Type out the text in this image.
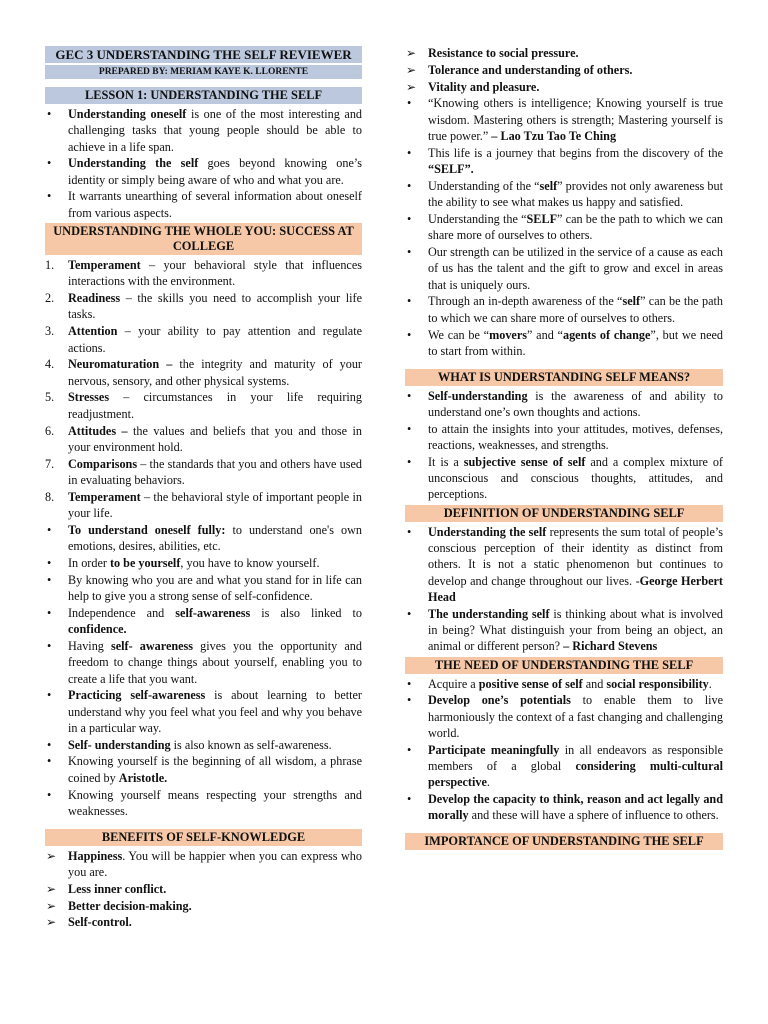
GEC 3 UNDERSTANDING THE SELF REVIEWER
PREPARED BY: MERIAM KAYE K. LLORENTE
LESSON 1: UNDERSTANDING THE SELF
• Understanding oneself is one of the most interesting and challenging tasks that young people should be able to achieve in a life span.
• Understanding the self goes beyond knowing one’s identity or simply being aware of who and what you are.
• It warrants unearthing of several information about oneself from various aspects.
UNDERSTANDING THE WHOLE YOU: SUCCESS AT COLLEGE
1. Temperament – your behavioral style that influences interactions with the environment.
2. Readiness – the skills you need to accomplish your life tasks.
3. Attention – your ability to pay attention and regulate actions.
4. Neuromaturation – the integrity and maturity of your nervous, sensory, and other physical systems.
5. Stresses – circumstances in your life requiring readjustment.
6. Attitudes – the values and beliefs that you and those in your environment hold.
7. Comparisons – the standards that you and others have used in evaluating behaviors.
8. Temperament – the behavioral style of important people in your life.
• To understand oneself fully: to understand one's own emotions, desires, abilities, etc.
• In order to be yourself, you have to know yourself.
• By knowing who you are and what you stand for in life can help to give you a strong sense of self-confidence.
• Independence and self-awareness is also linked to confidence.
• Having self- awareness gives you the opportunity and freedom to change things about yourself, enabling you to create a life that you want.
• Practicing self-awareness is about learning to better understand why you feel what you feel and why you behave in a particular way.
• Self- understanding is also known as self-awareness.
• Knowing yourself is the beginning of all wisdom, a phrase coined by Aristotle.
• Knowing yourself means respecting your strengths and weaknesses.
BENEFITS OF SELF-KNOWLEDGE
➢ Happiness. You will be happier when you can express who you are.
➢ Less inner conflict.
➢ Better decision-making.
➢ Self-control.
➢ Resistance to social pressure.
➢ Tolerance and understanding of others.
➢ Vitality and pleasure.
• “Knowing others is intelligence; Knowing yourself is true wisdom. Mastering others is strength; Mastering yourself is true power.” – Lao Tzu Tao Te Ching
• This life is a journey that begins from the discovery of the “SELF”.
• Understanding of the “self” provides not only awareness but the ability to see what makes us happy and satisfied.
• Understanding the “SELF” can be the path to which we can share more of ourselves to others.
• Our strength can be utilized in the service of a cause as each of us has the talent and the gift to grow and excel in areas that is uniquely ours.
• Through an in-depth awareness of the “self” can be the path to which we can share more of ourselves to others.
• We can be “movers” and “agents of change”, but we need to start from within.
WHAT IS UNDERSTANDING SELF MEANS?
• Self-understanding is the awareness of and ability to understand one’s own thoughts and actions.
• to attain the insights into your attitudes, motives, defenses, reactions, weaknesses, and strengths.
• It is a subjective sense of self and a complex mixture of unconscious and conscious thoughts, attitudes, and perceptions.
DEFINITION OF UNDERSTANDING SELF
• Understanding the self represents the sum total of people’s conscious perception of their identity as distinct from others. It is not a static phenomenon but continues to develop and change throughout our lives. -George Herbert Head
• The understanding self is thinking about what is involved in being? What distinguish your from being an object, an animal or different person? – Richard Stevens
THE NEED OF UNDERSTANDING THE SELF
• Acquire a positive sense of self and social responsibility.
• Develop one’s potentials to enable them to live harmoniously the context of a fast changing and challenging world.
• Participate meaningfully in all endeavors as responsible members of a global considering multi-cultural perspective.
• Develop the capacity to think, reason and act legally and morally and these will have a sphere of influence to others.
IMPORTANCE OF UNDERSTANDING THE SELF
